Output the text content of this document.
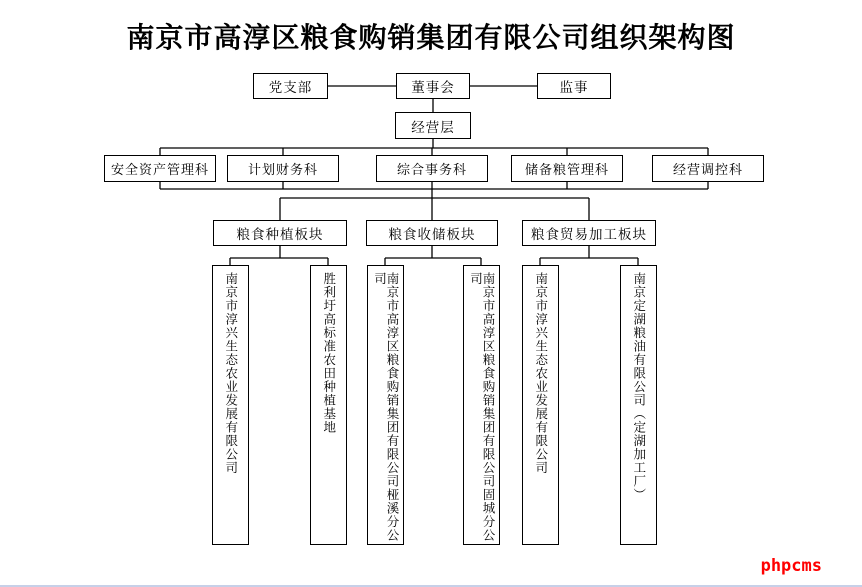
南京市高淳区粮食购销集团有限公司组织架构图
党支部	董事会	监事
经营层
安全资产管理科	计划财务科	综合事务科	储备粮管理科	经营调控科
粮食种植板块	粮食收储板块	粮食贸易加工板块
南京市淳兴生态农业发展有限公司	胜利圩高标准农田种植基地	南京市高淳区粮食购销集团有限公司桠溪分公司	南京市高淳区粮食购销集团有限公司固城分公司	南京市淳兴生态农业发展有限公司	南京定湖粮油有限公司（定湖加工厂）
phpcms
